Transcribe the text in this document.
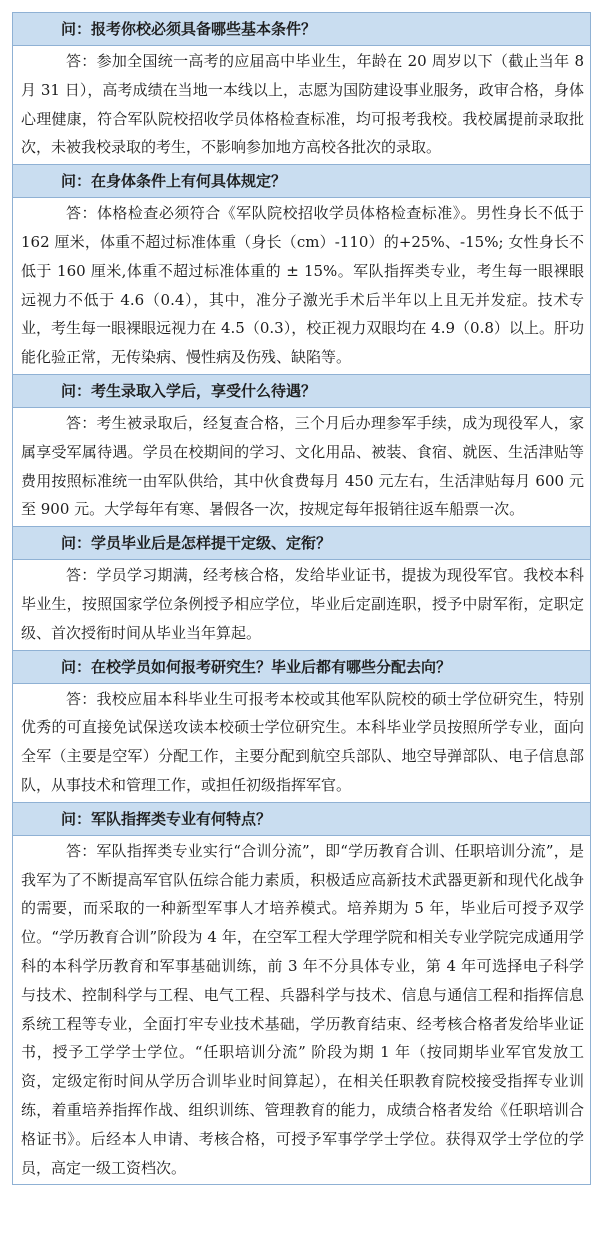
问：报考你校必须具备哪些基本条件？
答：参加全国统一高考的应届高中毕业生，年龄在 20 周岁以下（截止当年 8 月 31 日），高考成绩在当地一本线以上，志愿为国防建设事业服务，政审合格，身体心理健康，符合军队院校招收学员体格检查标准，均可报考我校。我校属提前录取批次，未被我校录取的考生，不影响参加地方高校各批次的录取。
问：在身体条件上有何具体规定？
答：体格检查必须符合《军队院校招收学员体格检查标准》。男性身长不低于 162 厘米，体重不超过标准体重（身长（cm）-110）的+25%、-15%; 女性身长不低于 160 厘米,体重不超过标准体重的 ± 15%。军队指挥类专业，考生每一眼裸眼远视力不低于 4.6（0.4），其中，准分子激光手术后半年以上且无并发症。技术专业，考生每一眼裸眼远视力在 4.5（0.3），校正视力双眼均在 4.9（0.8）以上。肝功能化验正常，无传染病、慢性病及伤残、缺陷等。
问：考生录取入学后，享受什么待遇？
答：考生被录取后，经复查合格，三个月后办理参军手续，成为现役军人，家属享受军属待遇。学员在校期间的学习、文化用品、被装、食宿、就医、生活津贴等费用按照标准统一由军队供给，其中伙食费每月 450 元左右，生活津贴每月 600 元至 900 元。大学每年有寒、暑假各一次，按规定每年报销往返车船票一次。
问：学员毕业后是怎样提干定级、定衔？
答：学员学习期满，经考核合格，发给毕业证书，提拔为现役军官。我校本科毕业生，按照国家学位条例授予相应学位，毕业后定副连职，授予中尉军衔，定职定级、首次授衔时间从毕业当年算起。
问：在校学员如何报考研究生？毕业后都有哪些分配去向？
答：我校应届本科毕业生可报考本校或其他军队院校的硕士学位研究生，特别优秀的可直接免试保送攻读本校硕士学位研究生。本科毕业学员按照所学专业，面向全军（主要是空军）分配工作，主要分配到航空兵部队、地空导弹部队、电子信息部队，从事技术和管理工作，或担任初级指挥军官。
问：军队指挥类专业有何特点？
答：军队指挥类专业实行“合训分流”，即“学历教育合训、任职培训分流”，是我军为了不断提高军官队伍综合能力素质，积极适应高新技术武器更新和现代化战争的需要，而采取的一种新型军事人才培养模式。培养期为 5 年，毕业后可授予双学位。“学历教育合训”阶段为 4 年，在空军工程大学理学院和相关专业学院完成通用学科的本科学历教育和军事基础训练，前 3 年不分具体专业，第 4 年可选择电子科学与技术、控制科学与工程、电气工程、兵器科学与技术、信息与通信工程和指挥信息系统工程等专业，全面打牢专业技术基础，学历教育结束、经考核合格者发给毕业证书，授予工学学士学位。“任职培训分流” 阶段为期 1 年（按同期毕业军官发放工资，定级定衔时间从学历合训毕业时间算起），在相关任职教育院校接受指挥专业训练，着重培养指挥作战、组织训练、管理教育的能力，成绩合格者发给《任职培训合格证书》。后经本人申请、考核合格，可授予军事学学士学位。获得双学士学位的学员，高定一级工资档次。
